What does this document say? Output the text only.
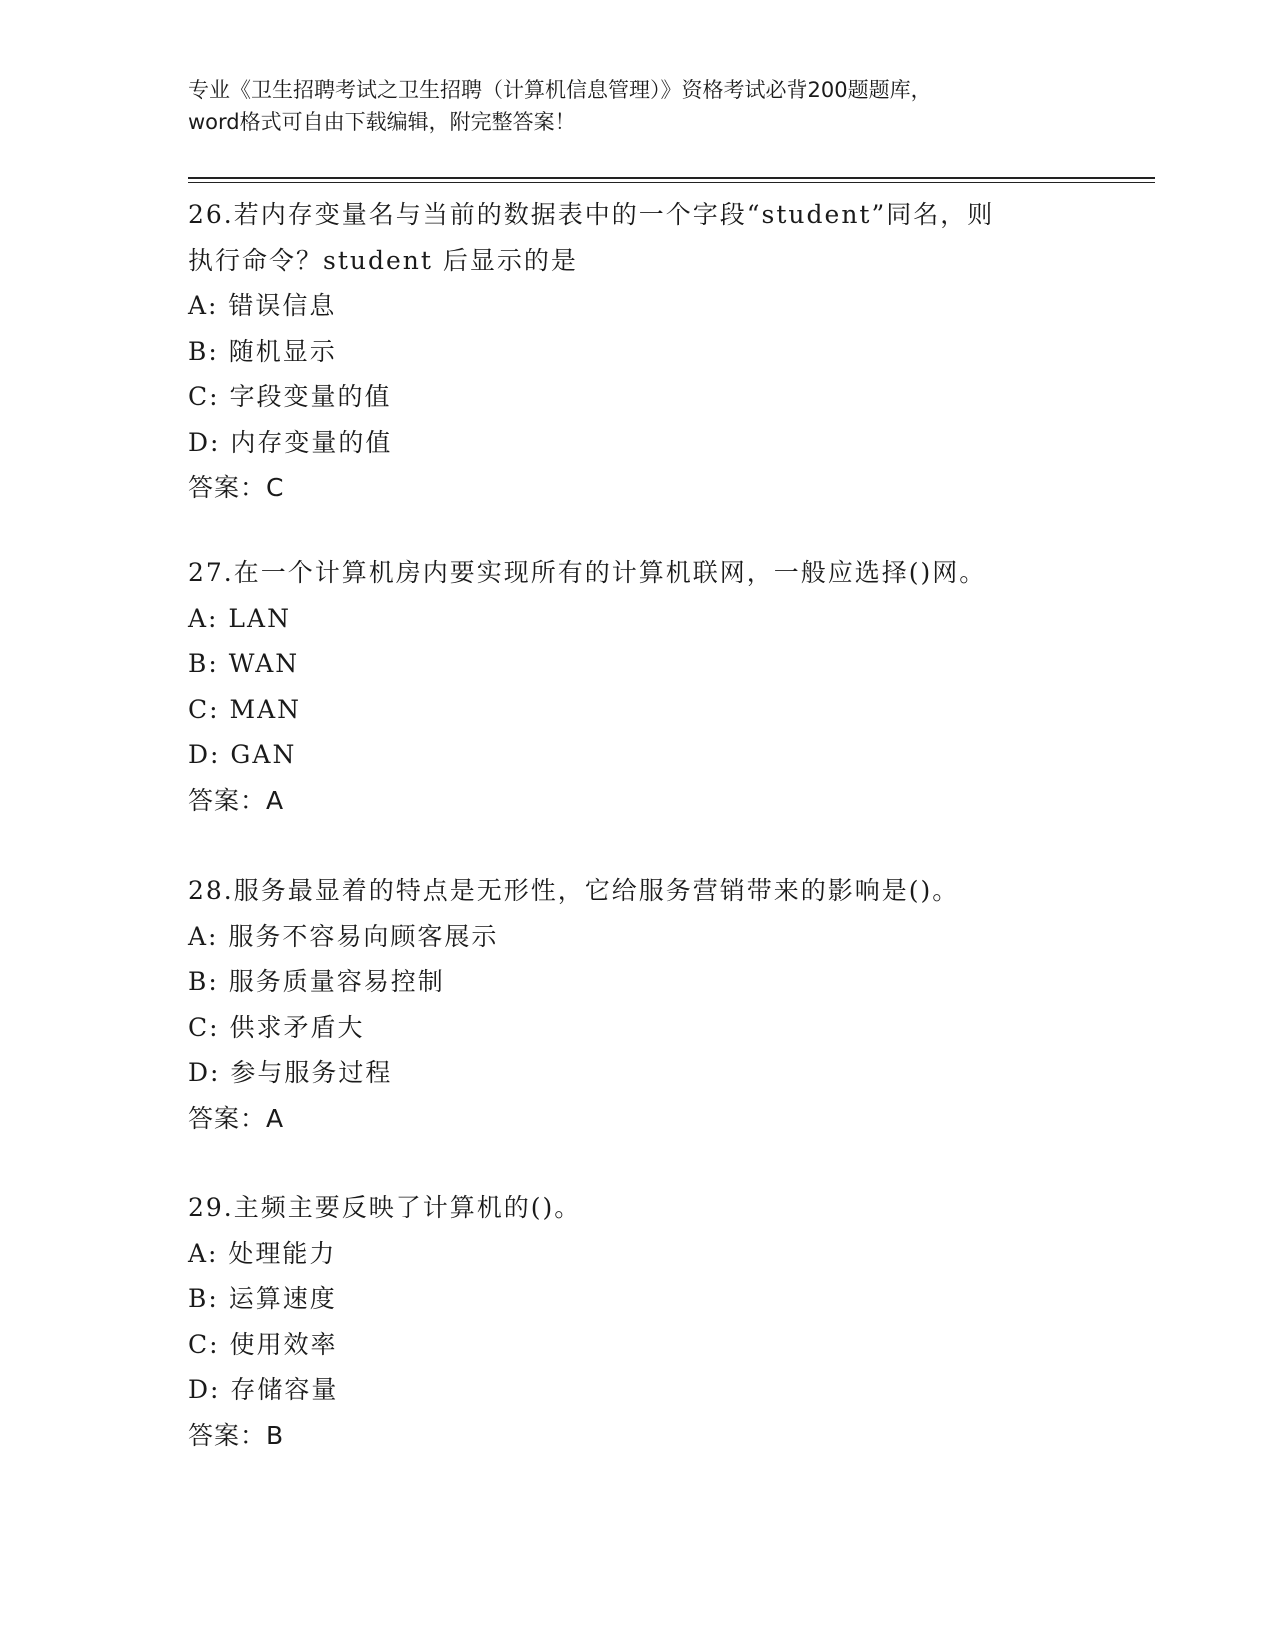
专业《卫生招聘考试之卫生招聘（计算机信息管理）》资格考试必背200题题库，
word格式可自由下载编辑，附完整答案！
26.若内存变量名与当前的数据表中的一个字段“student”同名，则
执行命令？student 后显示的是
A: 错误信息
B: 随机显示
C: 字段变量的值
D: 内存变量的值
答案：C
27.在一个计算机房内要实现所有的计算机联网，一般应选择()网。
A: LAN
B: WAN
C: MAN
D: GAN
答案：A
28.服务最显着的特点是无形性，它给服务营销带来的影响是()。
A: 服务不容易向顾客展示
B: 服务质量容易控制
C: 供求矛盾大
D: 参与服务过程
答案：A
29.主频主要反映了计算机的()。
A: 处理能力
B: 运算速度
C: 使用效率
D: 存储容量
答案：B
